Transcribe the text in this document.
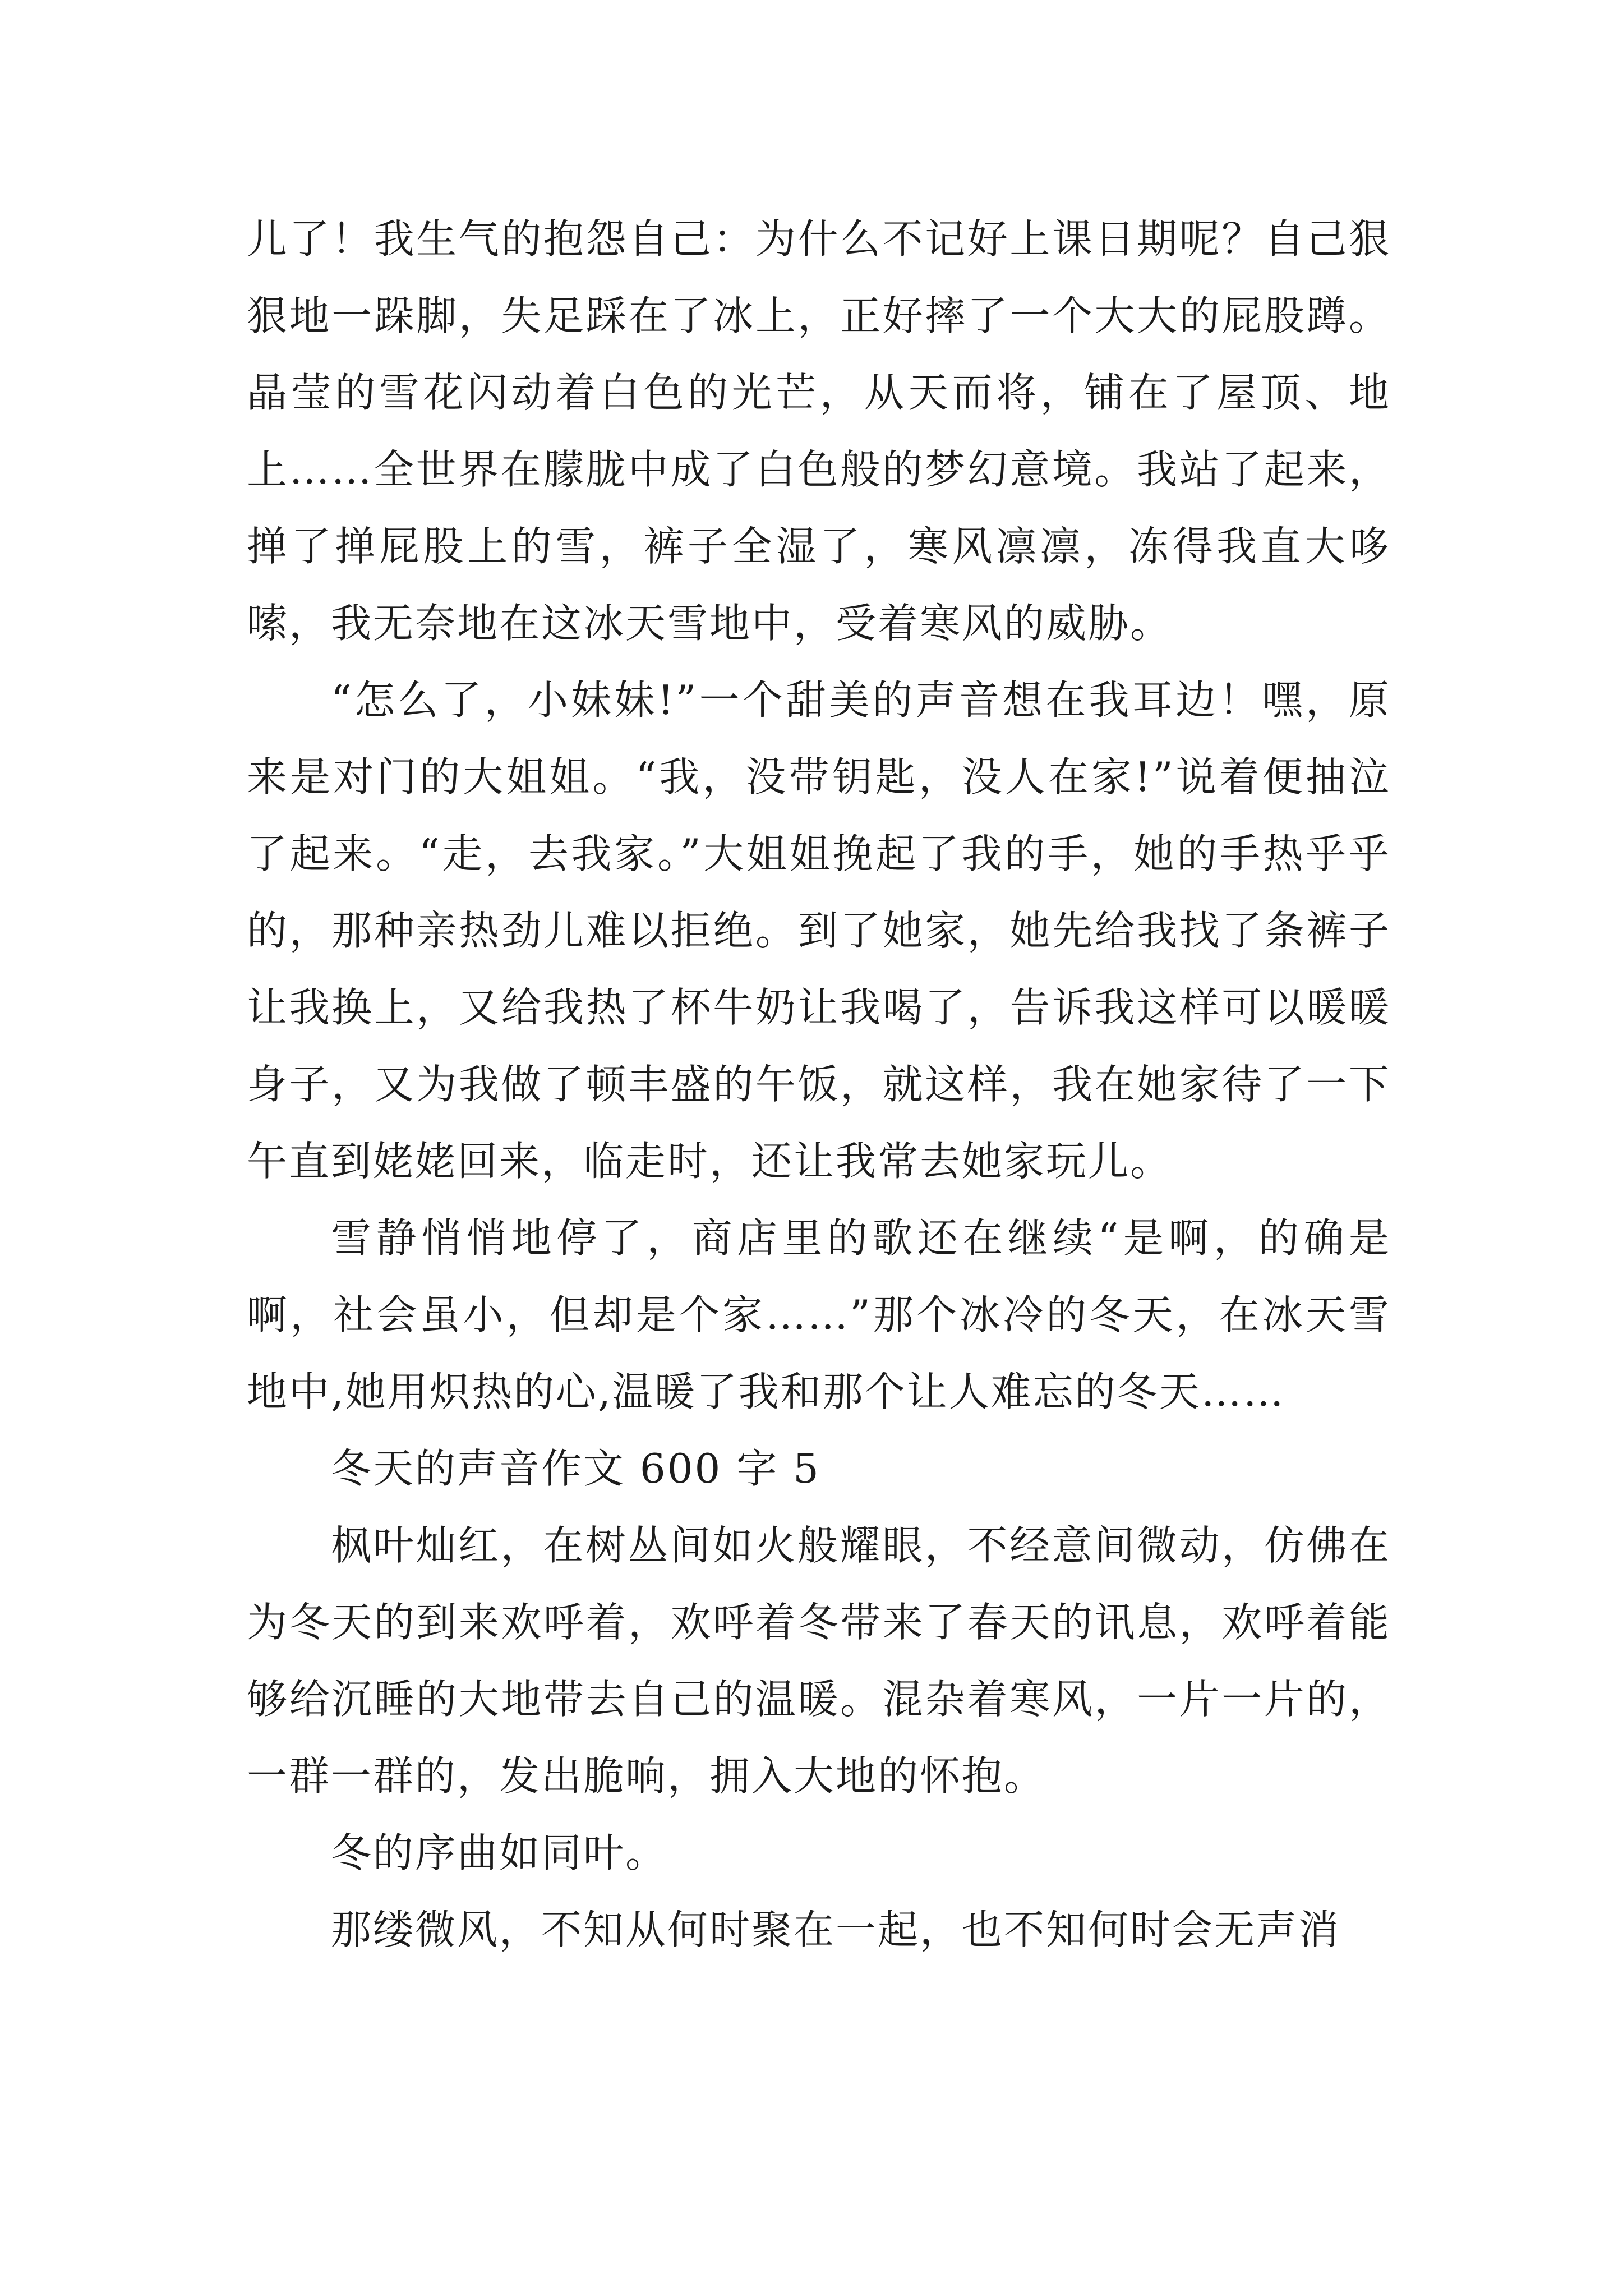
儿了！我生气的抱怨自己：为什么不记好上课日期呢？自己狠狠地一跺脚，失足踩在了冰上，正好摔了一个大大的屁股蹲。晶莹的雪花闪动着白色的光芒，从天而将，铺在了屋顶、地上……全世界在朦胧中成了白色般的梦幻意境。我站了起来，掸了掸屁股上的雪，裤子全湿了，寒风凛凛，冻得我直大哆嗦，我无奈地在这冰天雪地中，受着寒风的威胁。

“怎么了，小妹妹!”一个甜美的声音想在我耳边！嘿，原来是对门的大姐姐。“我，没带钥匙，没人在家!”说着便抽泣了起来。“走，去我家。”大姐姐挽起了我的手，她的手热乎乎的，那种亲热劲儿难以拒绝。到了她家，她先给我找了条裤子让我换上，又给我热了杯牛奶让我喝了，告诉我这样可以暖暖身子，又为我做了顿丰盛的午饭，就这样，我在她家待了一下午直到姥姥回来，临走时，还让我常去她家玩儿。

雪静悄悄地停了，商店里的歌还在继续“是啊，的确是啊，社会虽小，但却是个家……”那个冰冷的冬天，在冰天雪地中,她用炽热的心,温暖了我和那个让人难忘的冬天……

冬天的声音作文 600 字 5

枫叶灿红，在树丛间如火般耀眼，不经意间微动，仿佛在为冬天的到来欢呼着，欢呼着冬带来了春天的讯息，欢呼着能够给沉睡的大地带去自己的温暖。混杂着寒风，一片一片的，一群一群的，发出脆响，拥入大地的怀抱。

冬的序曲如同叶。

那缕微风，不知从何时聚在一起，也不知何时会无声消
